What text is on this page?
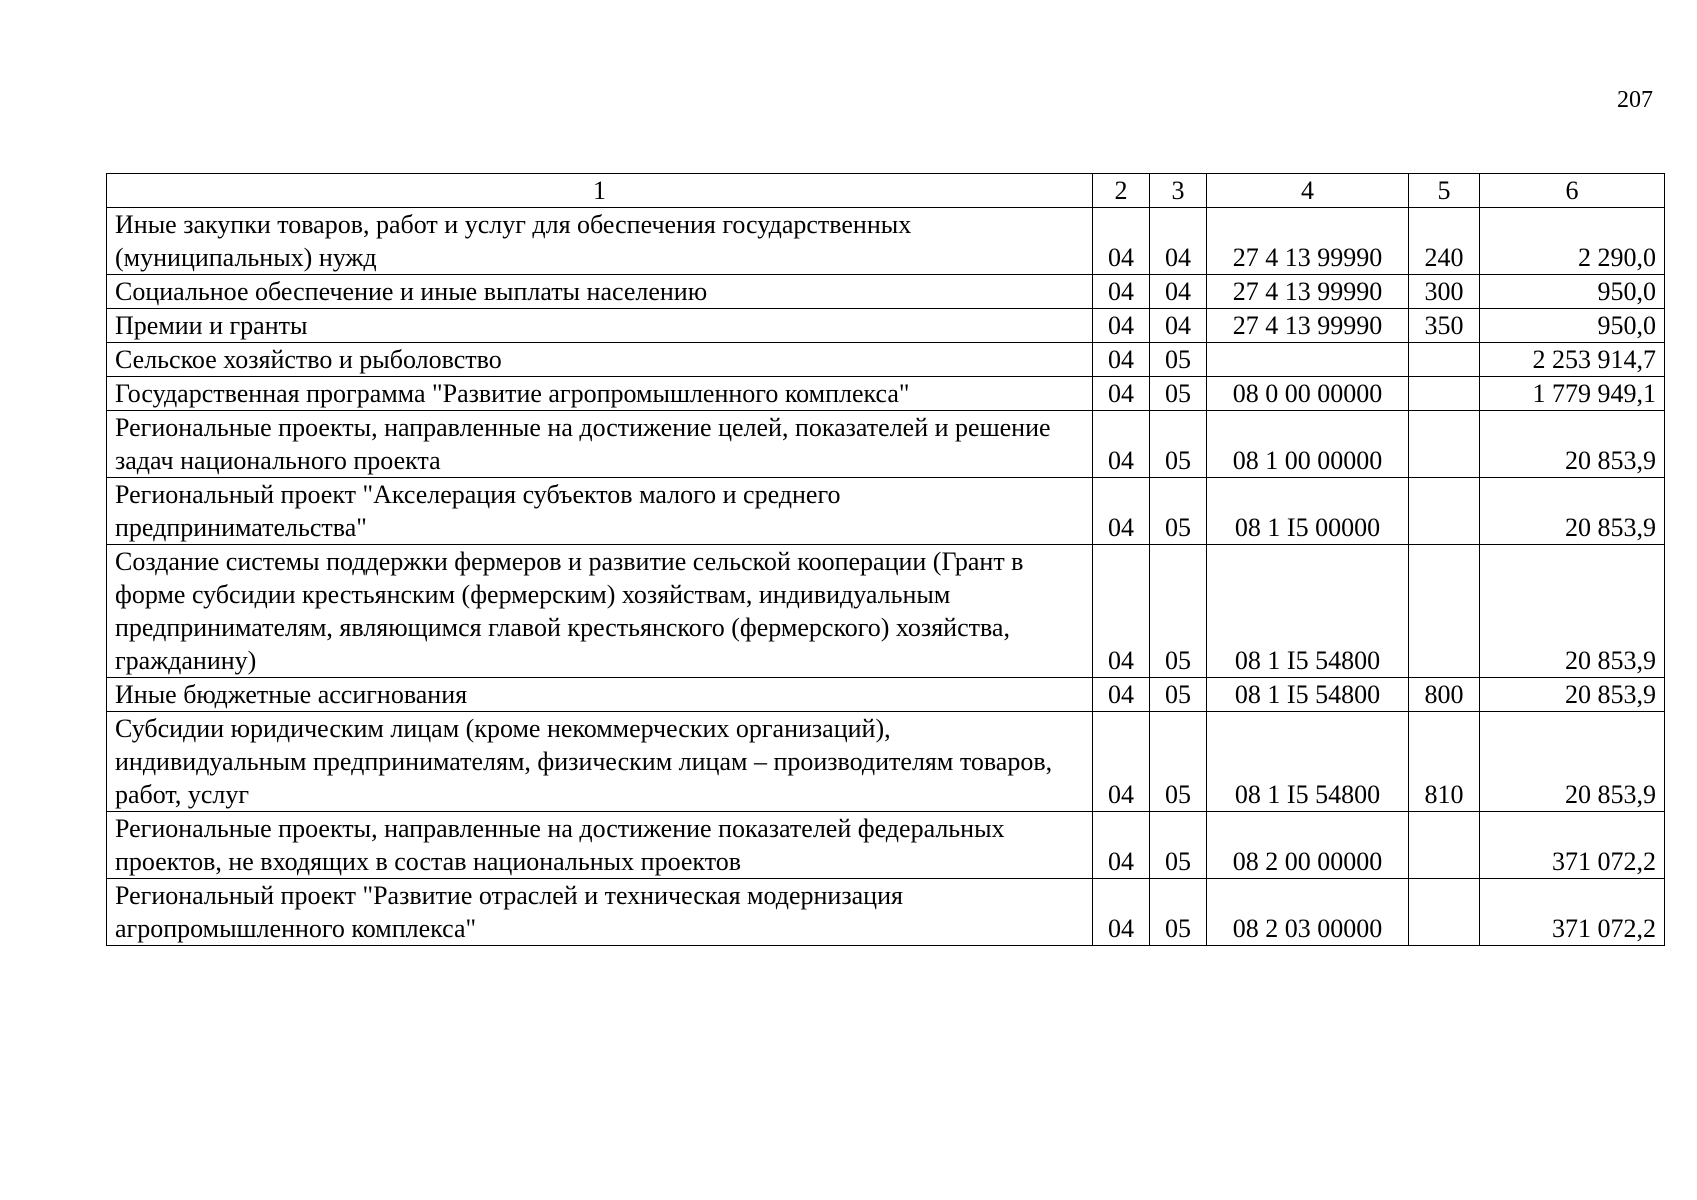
207
1	2	3	4	5	6
Иные закупки товаров, работ и услуг для обеспечения государственных (муниципальных) нужд	04	04	27 4 13 99990	240	2 290,0
Социальное обеспечение и иные выплаты населению	04	04	27 4 13 99990	300	950,0
Премии и гранты	04	04	27 4 13 99990	350	950,0
Сельское хозяйство и рыболовство	04	05			2 253 914,7
Государственная программа "Развитие агропромышленного комплекса"	04	05	08 0 00 00000		1 779 949,1
Региональные проекты, направленные на достижение целей, показателей и решение задач национального проекта	04	05	08 1 00 00000		20 853,9
Региональный проект "Акселерация субъектов малого и среднего предпринимательства"	04	05	08 1 I5 00000		20 853,9
Создание системы поддержки фермеров и развитие сельской кооперации (Грант в форме субсидии крестьянским (фермерским) хозяйствам, индивидуальным предпринимателям, являющимся главой крестьянского (фермерского) хозяйства, гражданину)	04	05	08 1 I5 54800		20 853,9
Иные бюджетные ассигнования	04	05	08 1 I5 54800	800	20 853,9
Субсидии юридическим лицам (кроме некоммерческих организаций), индивидуальным предпринимателям, физическим лицам – производителям товаров, работ, услуг	04	05	08 1 I5 54800	810	20 853,9
Региональные проекты, направленные на достижение показателей федеральных проектов, не входящих в состав национальных проектов	04	05	08 2 00 00000		371 072,2
Региональный проект "Развитие отраслей и техническая модернизация агропромышленного комплекса"	04	05	08 2 03 00000		371 072,2
